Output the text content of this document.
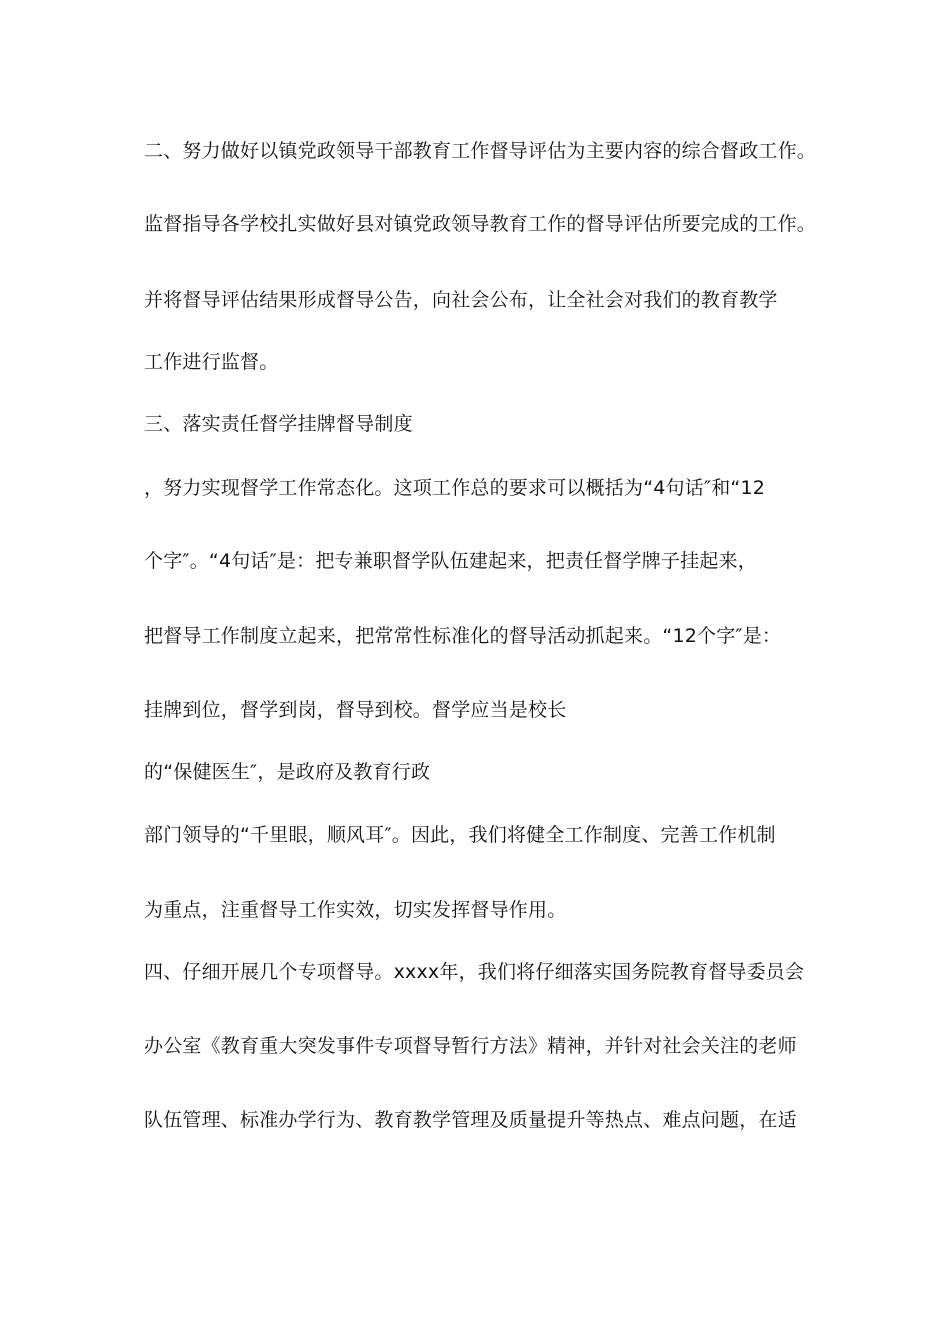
二、努力做好以镇党政领导干部教育工作督导评估为主要内容的综合督政工作。

监督指导各学校扎实做好县对镇党政领导教育工作的督导评估所要完成的工作。

并将督导评估结果形成督导公告，向社会公布，让全社会对我们的教育教学

工作进行监督。

三、落实责任督学挂牌督导制度

，努力实现督学工作常态化。这项工作总的要求可以概括为“4句话″和“12

个字″。“4句话″是：把专兼职督学队伍建起来，把责任督学牌子挂起来，

把督导工作制度立起来，把常常性标准化的督导活动抓起来。“12个字″是：

挂牌到位，督学到岗，督导到校。督学应当是校长

的“保健医生″，是政府及教育行政

部门领导的“千里眼，顺风耳″。因此，我们将健全工作制度、完善工作机制

为重点，注重督导工作实效，切实发挥督导作用。

四、仔细开展几个专项督导。xxxx年，我们将仔细落实国务院教育督导委员会

办公室《教育重大突发事件专项督导暂行方法》精神，并针对社会关注的老师

队伍管理、标准办学行为、教育教学管理及质量提升等热点、难点问题，在适
